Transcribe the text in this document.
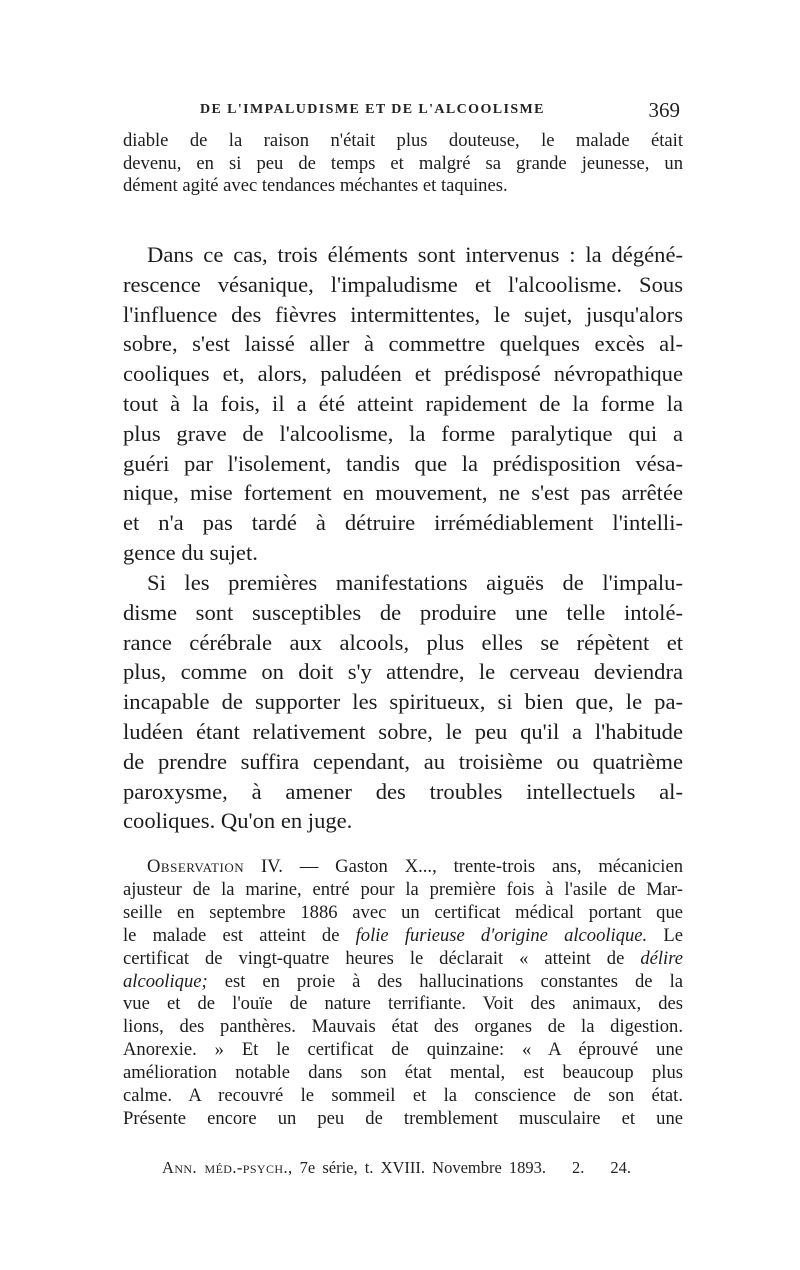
DE L'IMPALUDISME ET DE L'ALCOOLISME	369
diable de la raison n'était plus douteuse, le malade était
devenu, en si peu de temps et malgré sa grande jeunesse, un
dément agité avec tendances méchantes et taquines.
Dans ce cas, trois éléments sont intervenus : la dégéné-
rescence vésanique, l'impaludisme et l'alcoolisme. Sous
l'influence des fièvres intermittentes, le sujet, jusqu'alors
sobre, s'est laissé aller à commettre quelques excès al-
cooliques et, alors, paludéen et prédisposé névropathique
tout à la fois, il a été atteint rapidement de la forme la
plus grave de l'alcoolisme, la forme paralytique qui a
guéri par l'isolement, tandis que la prédisposition vésa-
nique, mise fortement en mouvement, ne s'est pas arrêtée
et n'a pas tardé à détruire irrémédiablement l'intelli-
gence du sujet.
Si les premières manifestations aiguës de l'impalu-
disme sont susceptibles de produire une telle intolé-
rance cérébrale aux alcools, plus elles se répètent et
plus, comme on doit s'y attendre, le cerveau deviendra
incapable de supporter les spiritueux, si bien que, le pa-
ludéen étant relativement sobre, le peu qu'il a l'habitude
de prendre suffira cependant, au troisième ou quatrième
paroxysme, à amener des troubles intellectuels al-
cooliques. Qu'on en juge.
Observation IV. — Gaston X..., trente-trois ans, mécanicien
ajusteur de la marine, entré pour la première fois à l'asile de Mar-
seille en septembre 1886 avec un certificat médical portant que
le malade est atteint de folie furieuse d'origine alcoolique. Le
certificat de vingt-quatre heures le déclarait « atteint de délire
alcoolique; est en proie à des hallucinations constantes de la
vue et de l'ouïe de nature terrifiante. Voit des animaux, des
lions, des panthères. Mauvais état des organes de la digestion.
Anorexie. » Et le certificat de quinzaine: « A éprouvé une
amélioration notable dans son état mental, est beaucoup plus
calme. A recouvré le sommeil et la conscience de son état.
Présente encore un peu de tremblement musculaire et une
Ann. méd.-psych., 7e série, t. XVIII. Novembre 1893. 2. 24.
